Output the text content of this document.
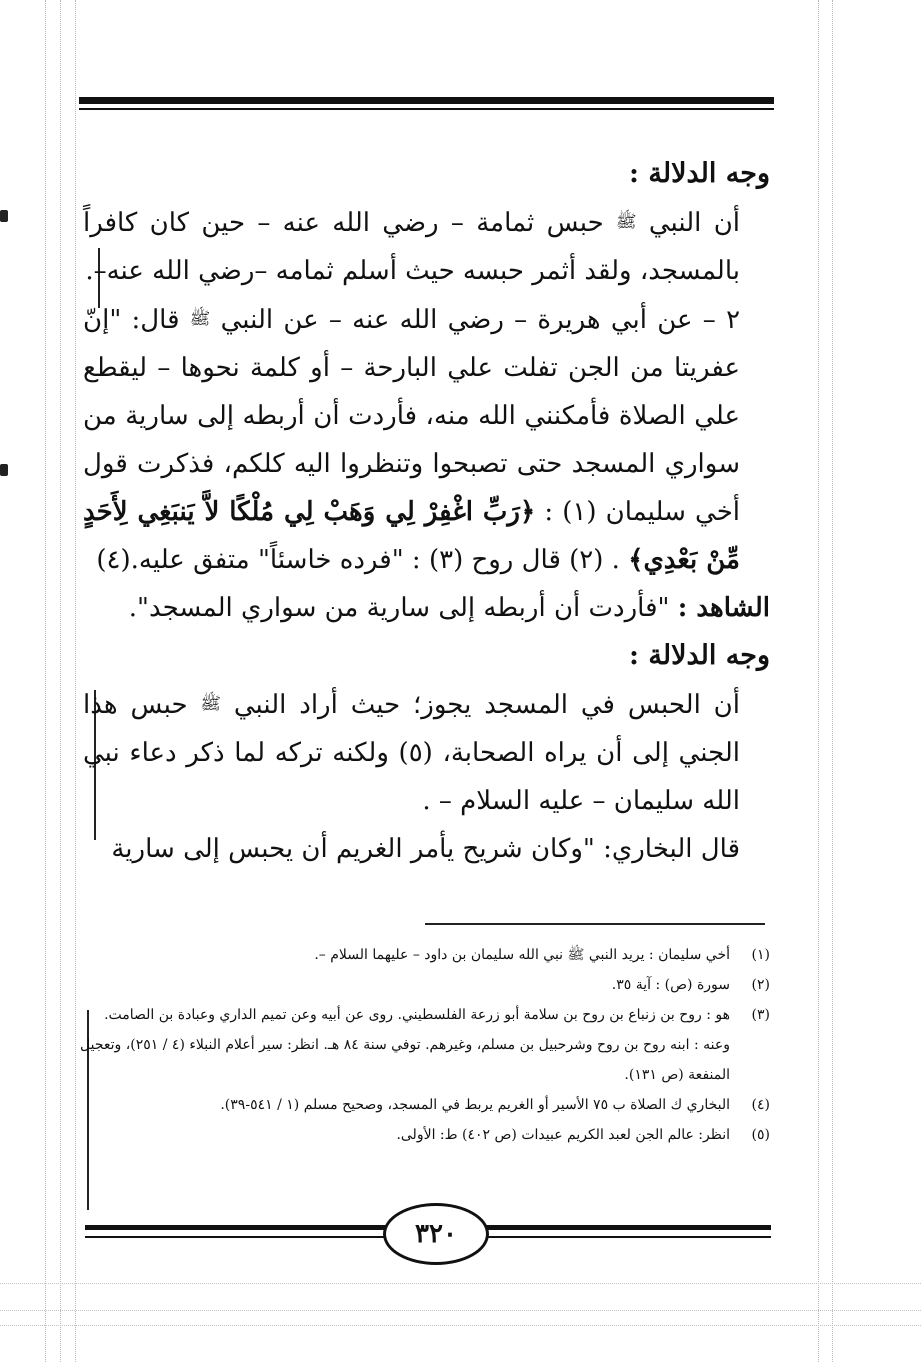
وجه الدلالة :

أن النبي ﷺ حبس ثمامة – رضي الله عنه – حين كان كافراً بالمسجد، ولقد أثمر حبسه حيث أسلم ثمامه –رضي الله عنه–.

٢ – عن أبي هريرة – رضي الله عنه – عن النبي ﷺ قال: "إنّ عفريتا من الجن تفلت علي البارحة – أو كلمة نحوها – ليقطع علي الصلاة فأمكنني الله منه، فأردت أن أربطه إلى سارية من سواري المسجد حتى تصبحوا وتنظروا اليه كلكم، فذكرت قول أخي سليمان (١) : ﴿رَبِّ اغْفِرْ لِي وَهَبْ لِي مُلْكًا لاَّ يَنبَغِي لِأَحَدٍ مِّنْ بَعْدِي﴾ . (٢) قال روح (٣) : "فرده خاسئاً" متفق عليه.(٤)

الشاهد : "فأردت أن أربطه إلى سارية من سواري المسجد".

وجه الدلالة :

أن الحبس في المسجد يجوز؛ حيث أراد النبي ﷺ حبس هذا الجني إلى أن يراه الصحابة، (٥) ولكنه تركه لما ذكر دعاء نبي الله سليمان – عليه السلام – .

قال البخاري: "وكان شريح يأمر الغريم أن يحبس إلى سارية

(١)
أخي سليمان : يريد النبي ﷺ نبي الله سليمان بن داود – عليهما السلام –.
(٢)
سورة (ص) : آية ٣٥.
(٣)
هو : روح بن زنباع بن روح بن سلامة أبو زرعة الفلسطيني. روى عن أبيه وعن تميم الداري وعبادة بن الصامت. وعنه : ابنه روح بن روح وشرحبيل بن مسلم، وغيرهم. توفي سنة ٨٤ هـ. انظر: سير أعلام النبلاء (٤ / ٢٥١)، وتعجيل المنفعة (ص ١٣١).
(٤)
البخاري ك الصلاة ب ٧٥ الأسير أو الغريم يربط في المسجد، وصحيح مسلم (١ / ٥٤١-٣٩).
(٥)
انظر: عالم الجن لعبد الكريم عبيدات (ص ٤٠٢) ط: الأولى.
٣٢٠
